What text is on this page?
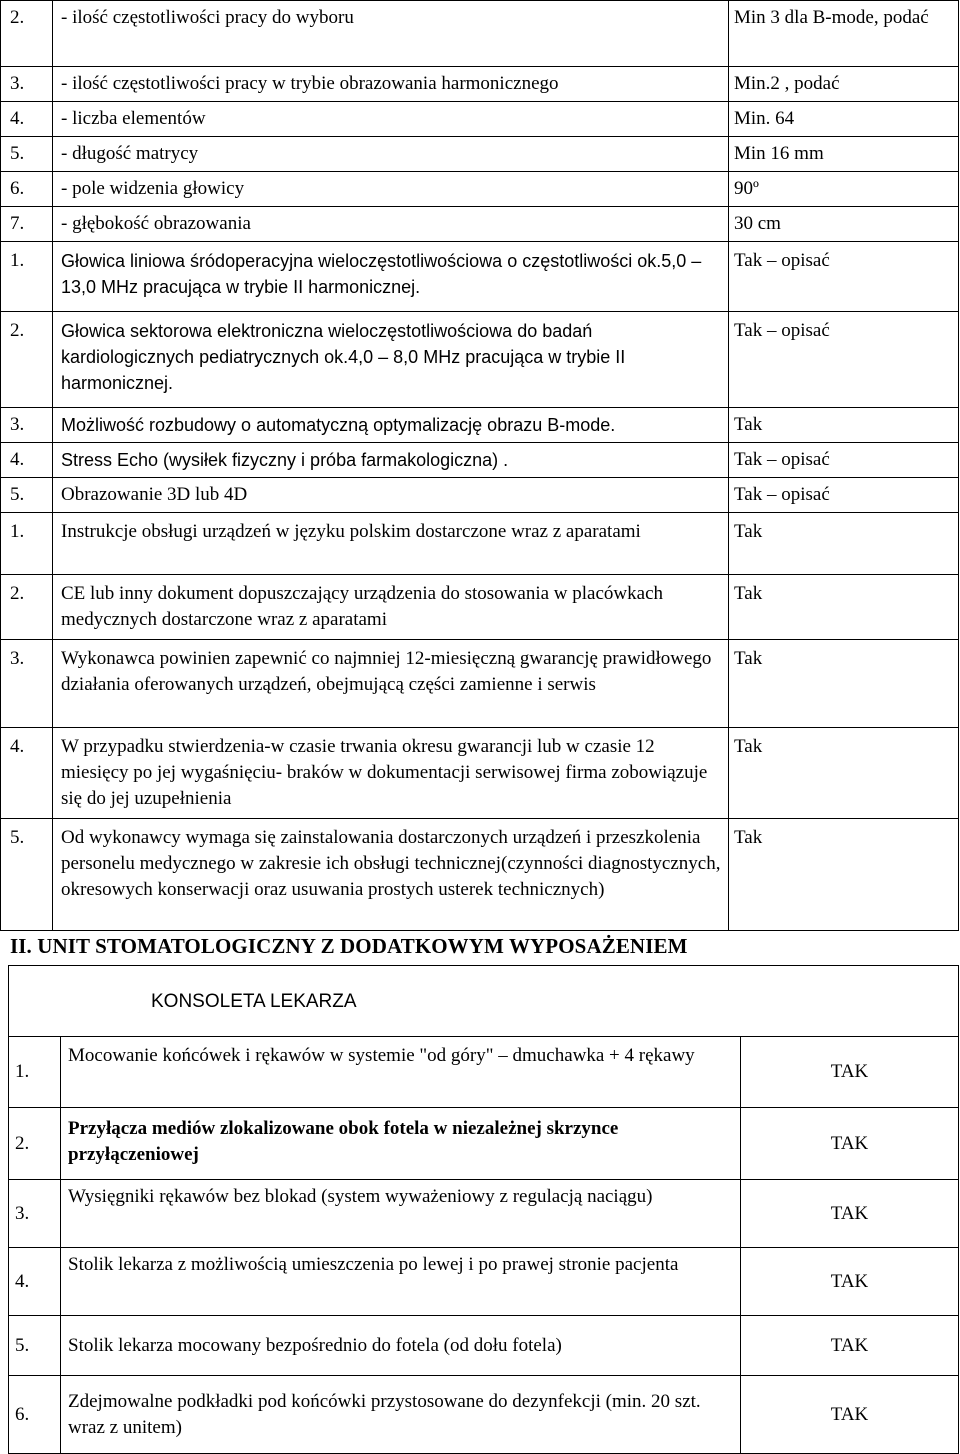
2.	- ilość częstotliwości pracy do wyboru	Min 3 dla B-mode, podać
3.	- ilość częstotliwości pracy w trybie obrazowania harmonicznego	Min.2 , podać
4.	- liczba elementów	Min. 64
5.	- długość matrycy	Min 16 mm
6.	- pole widzenia głowicy	90º
7.	- głębokość obrazowania	30 cm
1.	Głowica liniowa śródoperacyjna wieloczęstotliwościowa o częstotliwości ok.5,0 – 13,0 MHz pracująca w trybie II harmonicznej.	Tak – opisać
2.	Głowica sektorowa elektroniczna wieloczęstotliwościowa do badań kardiologicznych pediatrycznych ok.4,0 – 8,0 MHz pracująca w trybie II harmonicznej.	Tak – opisać
3.	Możliwość rozbudowy o automatyczną optymalizację obrazu B-mode.	Tak
4.	Stress Echo (wysiłek fizyczny i próba farmakologiczna) .	Tak – opisać
5.	Obrazowanie 3D lub 4D	Tak – opisać
1.	Instrukcje obsługi urządzeń w języku polskim dostarczone wraz z aparatami	Tak
2.	CE lub inny dokument dopuszczający urządzenia do stosowania w placówkach medycznych dostarczone wraz z aparatami	Tak
3.	Wykonawca powinien zapewnić co najmniej 12-miesięczną gwarancję prawidłowego działania oferowanych urządzeń, obejmującą części zamienne i serwis	Tak
4.	W przypadku stwierdzenia-w czasie trwania okresu gwarancji lub w czasie 12 miesięcy po jej wygaśnięciu- braków w dokumentacji serwisowej firma zobowiązuje się do jej uzupełnienia	Tak
5.	Od wykonawcy wymaga się zainstalowania dostarczonych urządzeń i przeszkolenia personelu medycznego w zakresie ich obsługi technicznej(czynności diagnostycznych, okresowych konserwacji oraz usuwania prostych usterek technicznych)	Tak
II. UNIT STOMATOLOGICZNY Z DODATKOWYM WYPOSAŻENIEM
KONSOLETA LEKARZA		
1.	Mocowanie końcówek i rękawów w systemie "od góry" – dmuchawka + 4 rękawy	TAK
2.	Przyłącza mediów zlokalizowane obok fotela w niezależnej skrzynce przyłączeniowej	TAK
3.	Wysięgniki rękawów bez blokad (system wyważeniowy z regulacją naciągu)	TAK
4.	Stolik lekarza z możliwością umieszczenia po lewej i po prawej stronie pacjenta	TAK
5.	Stolik lekarza mocowany bezpośrednio do fotela (od dołu fotela)	TAK
6.	Zdejmowalne podkładki pod końcówki przystosowane do dezynfekcji (min. 20 szt. wraz z unitem)	TAK
